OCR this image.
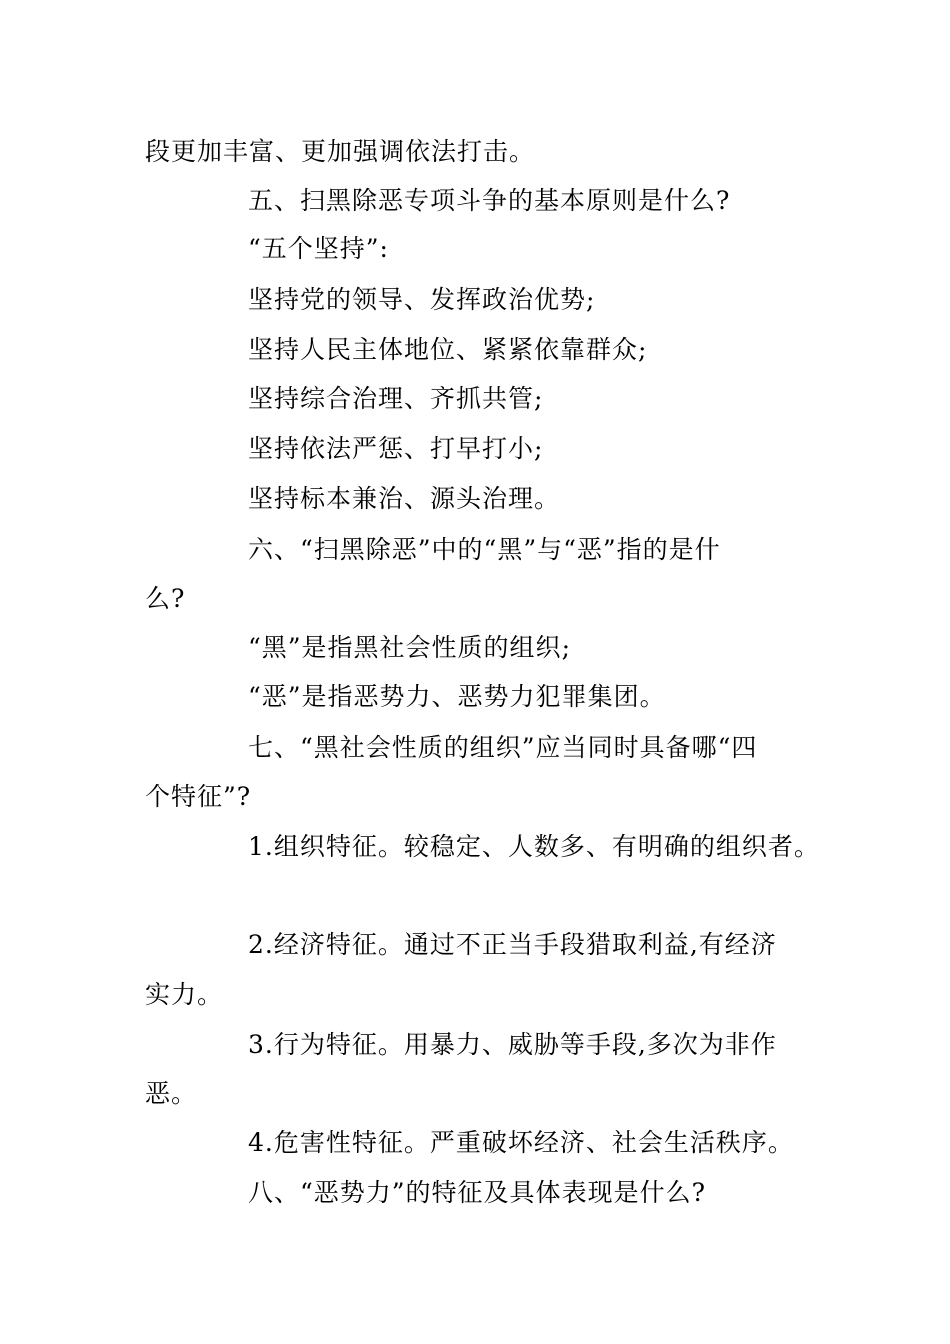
段更加丰富、更加强调依法打击。
五、扫黑除恶专项斗争的基本原则是什么?
“五个坚持”:
坚持党的领导、发挥政治优势;
坚持人民主体地位、紧紧依靠群众;
坚持综合治理、齐抓共管;
坚持依法严惩、打早打小;
坚持标本兼治、源头治理。
六、“扫黑除恶”中的“黑”与“恶”指的是什
么?
“黑”是指黑社会性质的组织;
“恶”是指恶势力、恶势力犯罪集团。
七、“黑社会性质的组织”应当同时具备哪“四
个特征”?
1.组织特征。较稳定、人数多、有明确的组织者。
2.经济特征。通过不正当手段猎取利益,有经济
实力。
3.行为特征。用暴力、威胁等手段,多次为非作
恶。
4.危害性特征。严重破坏经济、社会生活秩序。
八、“恶势力”的特征及具体表现是什么?
